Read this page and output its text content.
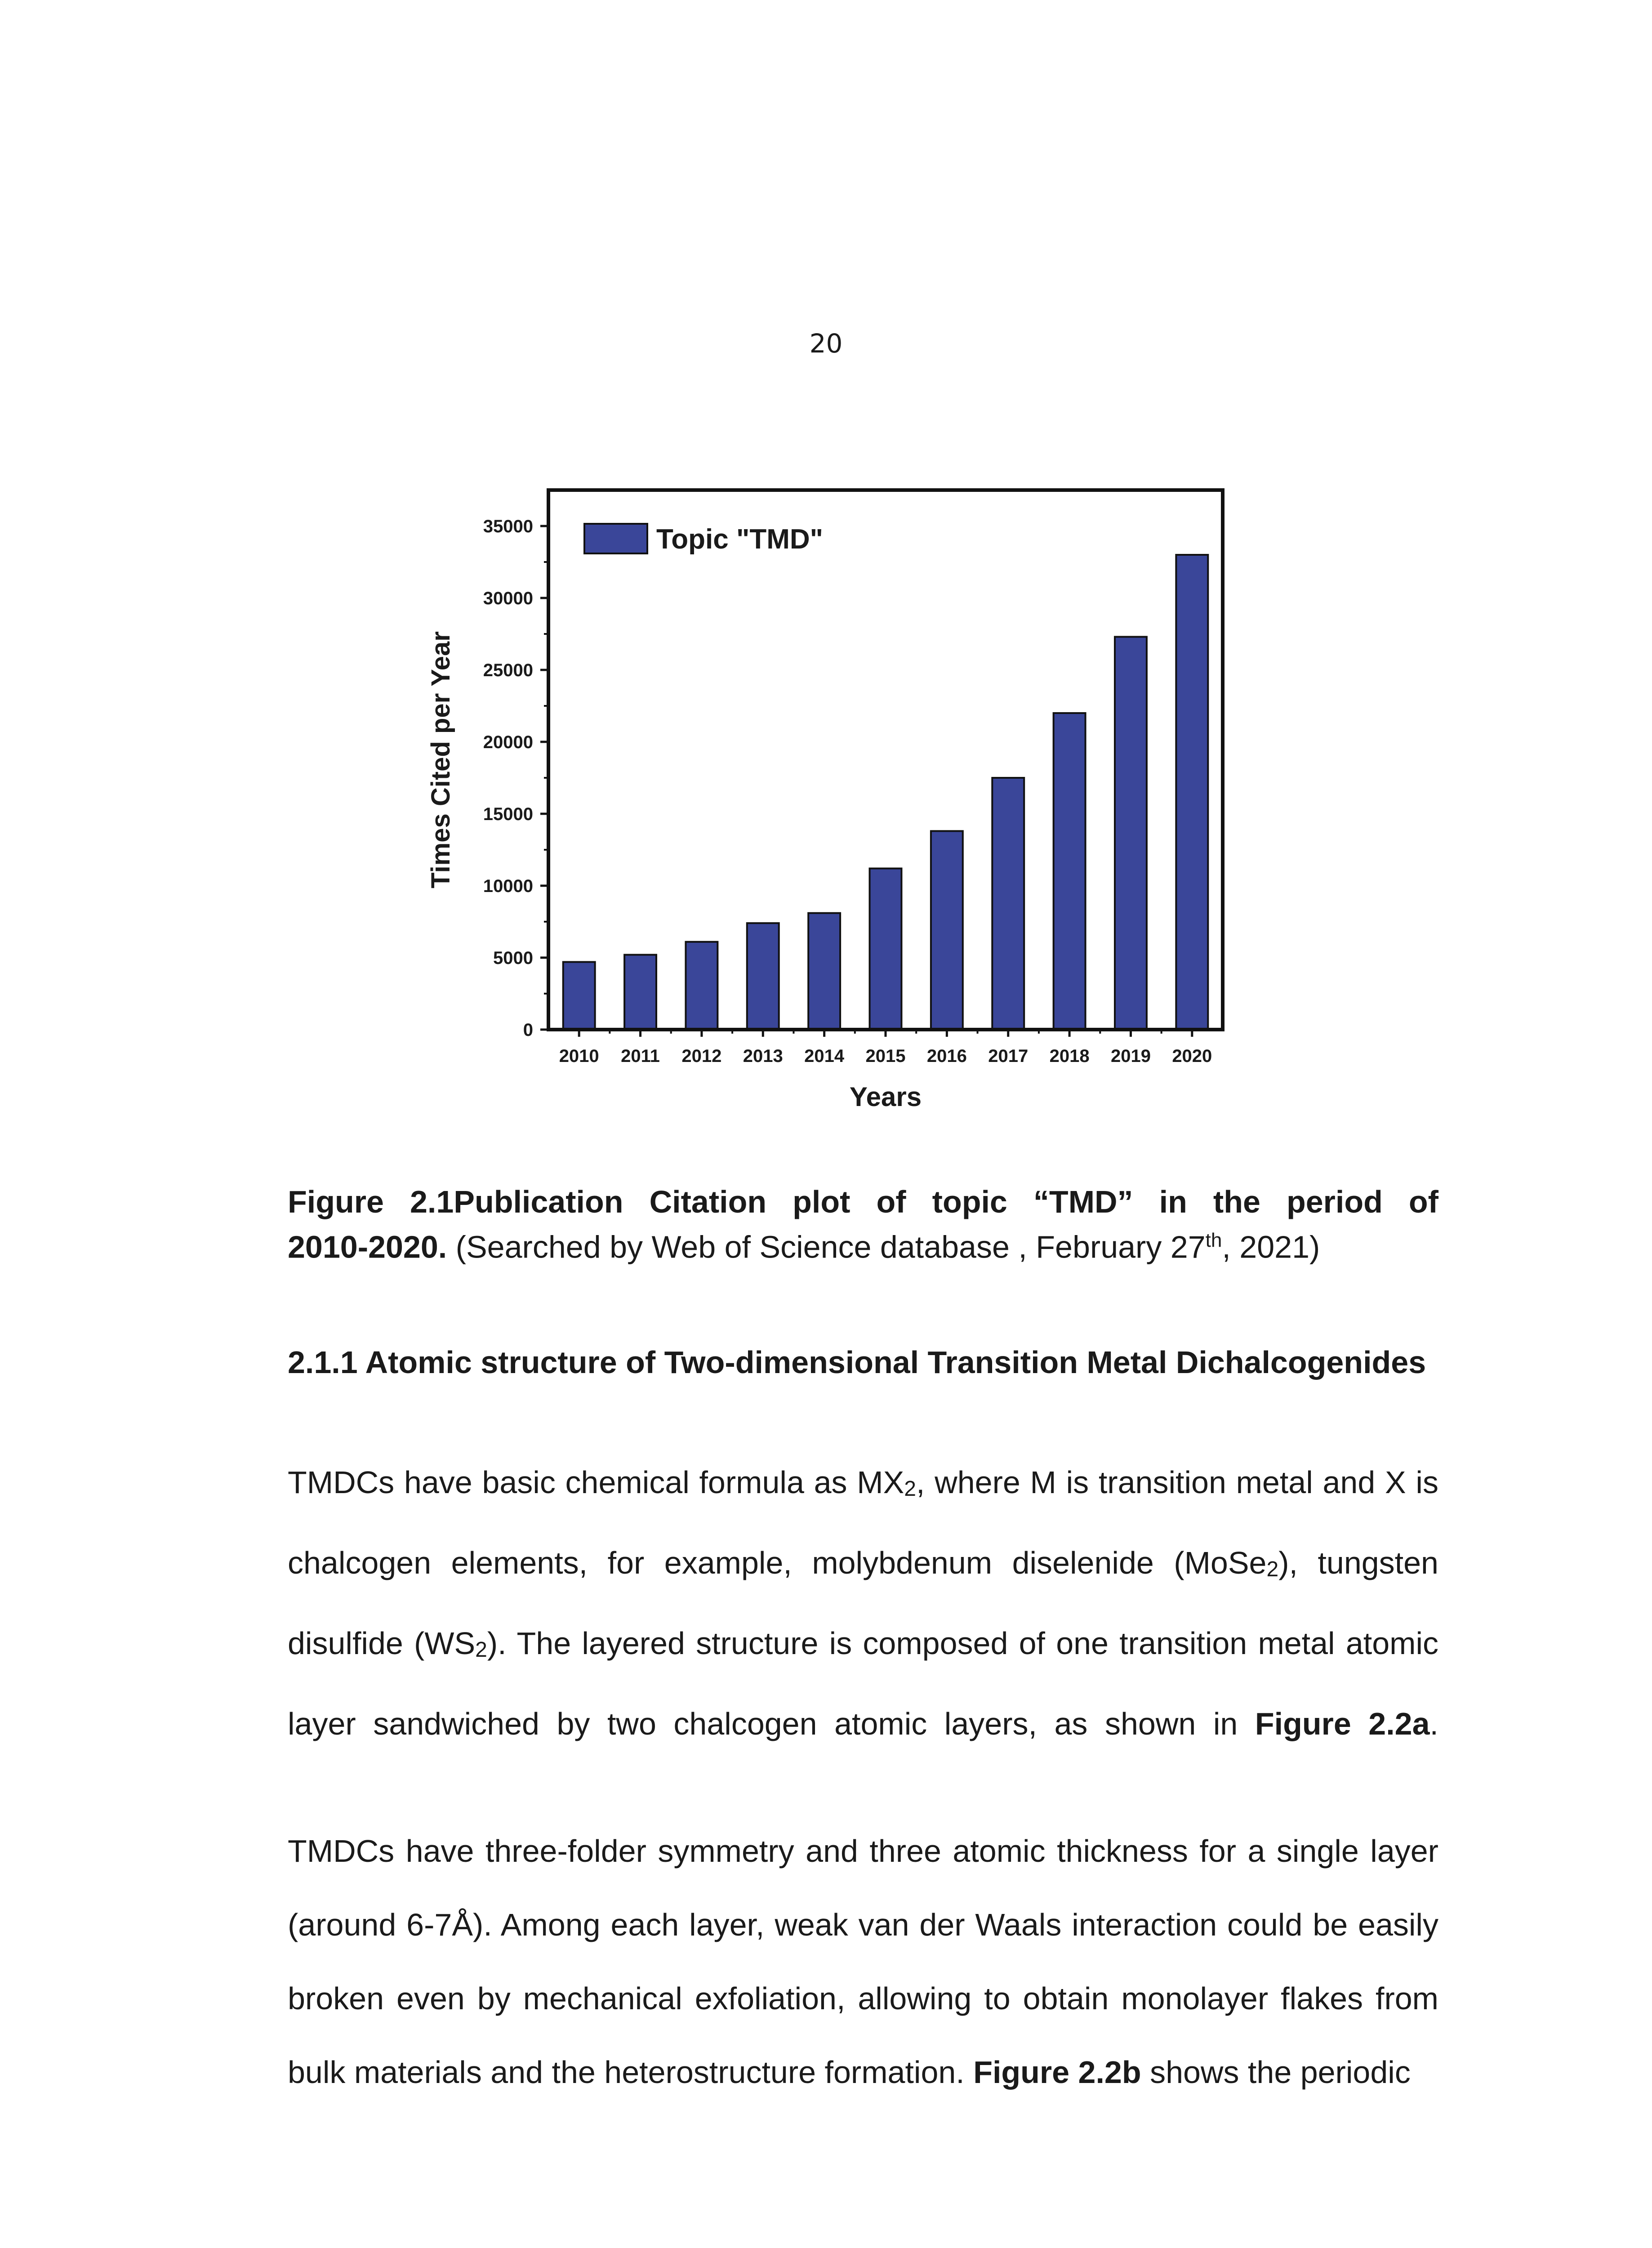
20
2010 2011 2012 2013 2014 2015 2016 2017 2018 2019 2020
0
5000
10000
15000
20000
25000
30000
35000
Times Cited per Year
Years
Topic "TMD"
Figure 2.1Publication Citation plot of topic “TMD” in the period of
2010-2020. (Searched by Web of Science database , February 27th, 2021)
2.1.1 Atomic structure of Two-dimensional Transition Metal Dichalcogenides
TMDCs have basic chemical formula as $MX_2$, where M is transition metal and X is chalcogen elements, for example, molybdenum diselenide (MoSe$_2$), tungsten disulfide $(WS_2)$. The layered structure is composed of one transition metal atomic layer sandwiched by two chalcogen atomic layers, as shown in Figure 2.2a.
TMDCs have three-folder symmetry and three atomic thickness for a single layer (around 6-7Å). Among each layer, weak van der Waals interaction could be easily broken even by mechanical exfoliation, allowing to obtain monolayer flakes from bulk materials and the heterostructure formation. Figure 2.2b shows the periodic
